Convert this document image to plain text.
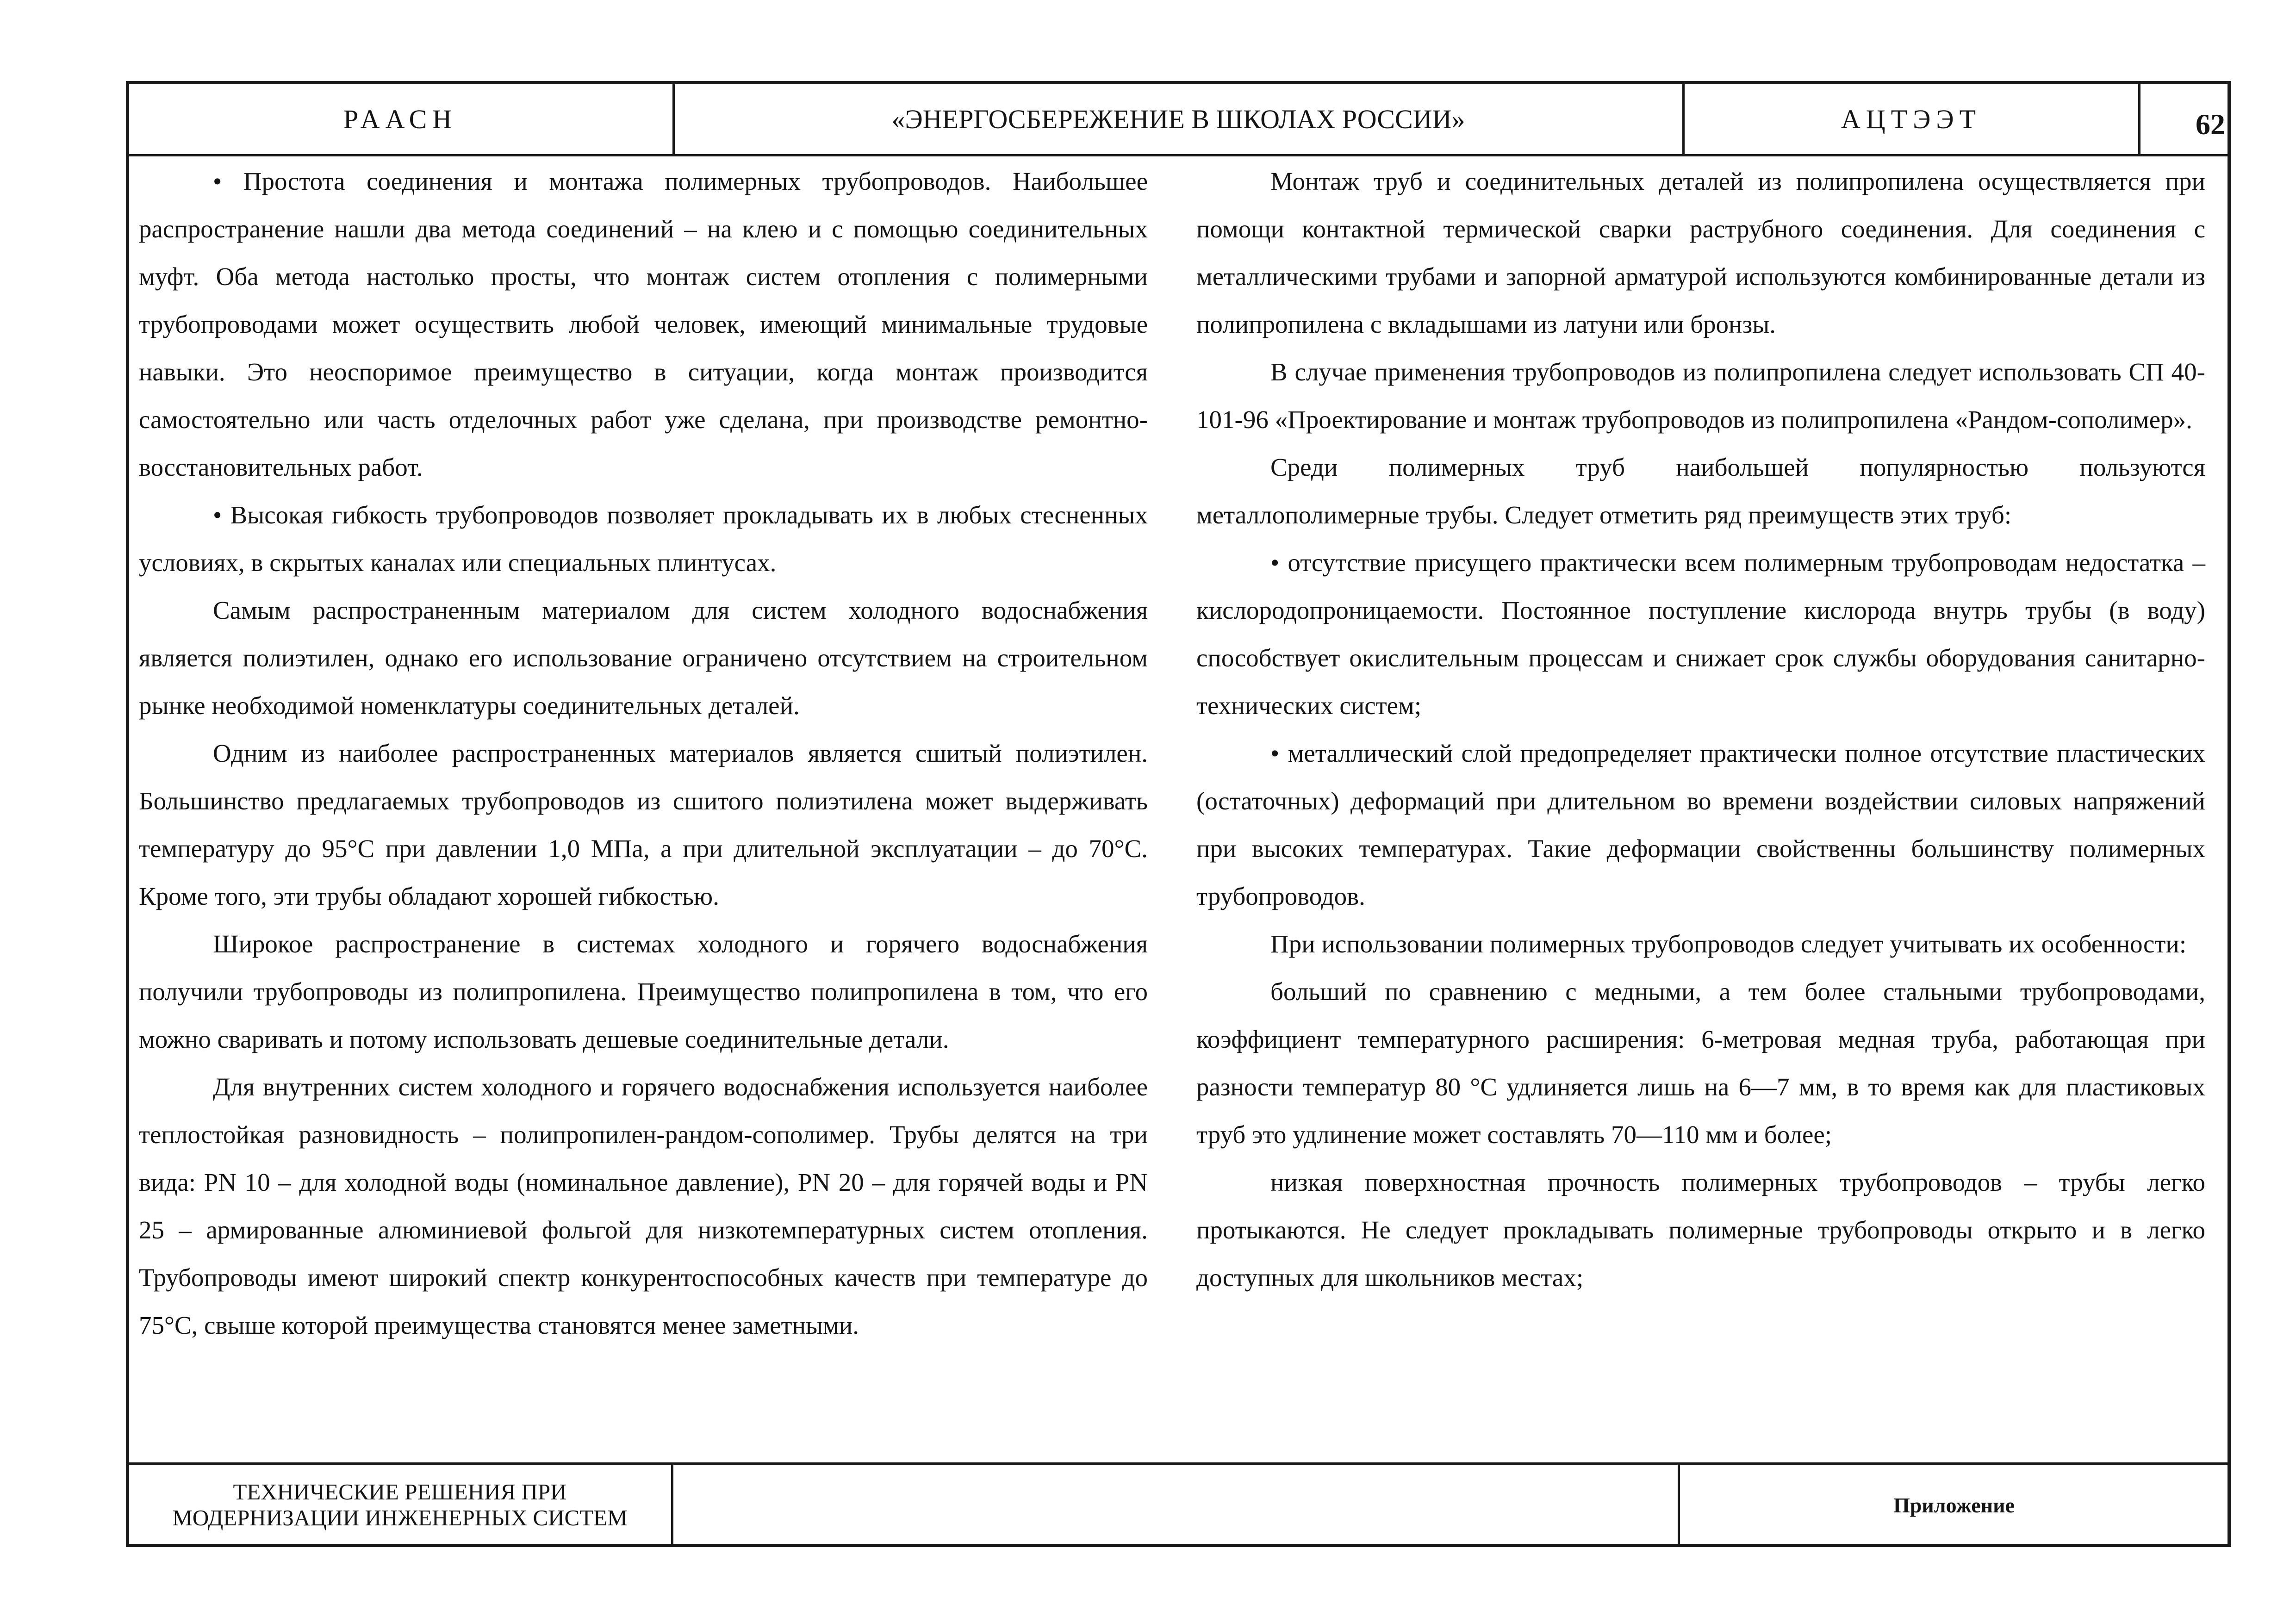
РААСН	«ЭНЕРГОСБЕРЕЖЕНИЕ В ШКОЛАХ РОССИИ»	АЦТЭЭТ	62

• Простота соединения и монтажа полимерных трубопроводов. Наибольшее распространение нашли два метода соединений – на клею и с помощью соединительных муфт. Оба метода настолько просты, что монтаж систем отопления с полимерными трубопроводами может осуществить любой человек, имеющий минимальные трудовые навыки. Это неоспоримое преимущество в ситуации, когда монтаж производится самостоятельно или часть отделочных работ уже сделана, при производстве ремонтно-восстановительных работ.

• Высокая гибкость трубопроводов позволяет прокладывать их в любых стесненных условиях, в скрытых каналах или специальных плинтусах.

Самым распространенным материалом для систем холодного водоснабжения является полиэтилен, однако его использование ограничено отсутствием на строительном рынке необходимой номенклатуры соединительных деталей.

Одним из наиболее распространенных материалов является сшитый полиэтилен. Большинство предлагаемых трубопроводов из сшитого полиэтилена может выдерживать температуру до 95°С при давлении 1,0 МПа, а при длительной эксплуатации – до 70°С. Кроме того, эти трубы обладают хорошей гибкостью.

Широкое распространение в системах холодного и горячего водоснабжения получили трубопроводы из полипропилена. Преимущество полипропилена в том, что его можно сваривать и потому использовать дешевые соединительные детали.

Для внутренних систем холодного и горячего водоснабжения используется наиболее теплостойкая разновидность – полипропилен-рандом-сополимер. Трубы делятся на три вида: PN 10 – для холодной воды (номинальное давление), PN 20 – для горячей воды и PN 25 – армированные алюминиевой фольгой для низкотемпературных систем отопления. Трубопроводы имеют широкий спектр конкурентоспособных качеств при температуре до 75°С, свыше которой преимущества становятся менее заметными.

Монтаж труб и соединительных деталей из полипропилена осуществляется при помощи контактной термической сварки раструбного соединения. Для соединения с металлическими трубами и запорной арматурой используются комбинированные детали из полипропилена с вкладышами из латуни или бронзы.

В случае применения трубопроводов из полипропилена следует использовать СП 40-101-96 «Проектирование и монтаж трубопроводов из полипропилена «Рандом-сополимер».

Среди полимерных труб наибольшей популярностью пользуются металлополимерные трубы. Следует отметить ряд преимуществ этих труб:

• отсутствие присущего практически всем полимерным трубопроводам недостатка – кислородопроницаемости. Постоянное поступление кислорода внутрь трубы (в воду) способствует окислительным процессам и снижает срок службы оборудования санитарно-технических систем;

• металлический слой предопределяет практически полное отсутствие пластических (остаточных) деформаций при длительном во времени воздействии силовых напряжений при высоких температурах. Такие деформации свойственны большинству полимерных трубопроводов.

При использовании полимерных трубопроводов следует учитывать их особенности:

больший по сравнению с медными, а тем более стальными трубопроводами, коэффициент температурного расширения: 6-метровая медная труба, работающая при разности температур 80 °С удлиняется лишь на 6—7 мм, в то время как для пластиковых труб это удлинение может составлять 70—110 мм и более;

низкая поверхностная прочность полимерных трубопроводов – трубы легко протыкаются. Не следует прокладывать полимерные трубопроводы открыто и в легко доступных для школьников местах;

ТЕХНИЧЕСКИЕ РЕШЕНИЯ ПРИ
МОДЕРНИЗАЦИИ ИНЖЕНЕРНЫХ СИСТЕМ	Приложение
